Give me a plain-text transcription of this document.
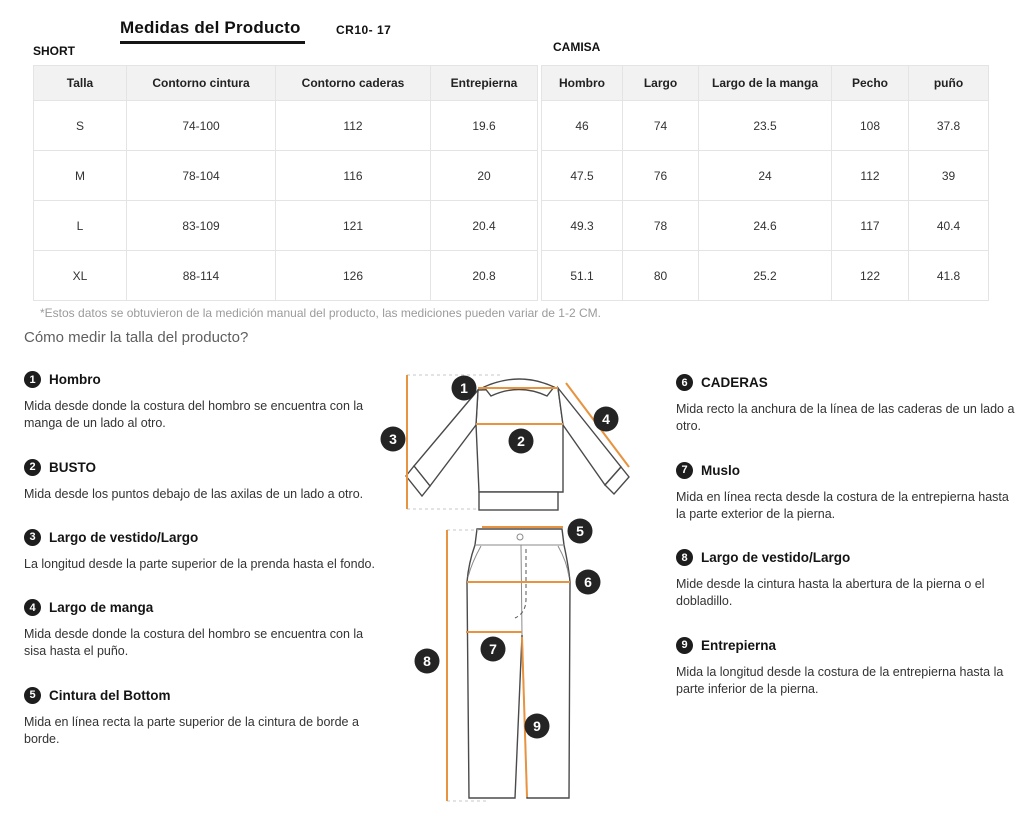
Medidas del Producto	CR10- 17
SHORT	CAMISA
Talla	Contorno cintura	Contorno caderas	Entrepierna
S	74-100	112	19.6
M	78-104	116	20
L	83-109	121	20.4
XL	88-114	126	20.8
Hombro	Largo	Largo de la manga	Pecho	puño
46	74	23.5	108	37.8
47.5	76	24	112	39
49.3	78	24.6	117	40.4
51.1	80	25.2	122	41.8
*Estos datos se obtuvieron de la medición manual del producto, las mediciones pueden variar de 1-2 CM.
Cómo medir la talla del producto?
1 Hombro
Mida desde donde la costura del hombro se encuentra con la manga de un lado al otro.
2 BUSTO
Mida desde los puntos debajo de las axilas de un lado a otro.
3 Largo de vestido/Largo
La longitud desde la parte superior de la prenda hasta el fondo.
4 Largo de manga
Mida desde donde la costura del hombro se encuentra con la sisa hasta el puño.
5 Cintura del Bottom
Mida en línea recta la parte superior de la cintura de borde a borde.
6 CADERAS
Mida recto la anchura de la línea de las caderas de un lado a otro.
7 Muslo
Mida en línea recta desde la costura de la entrepierna hasta la parte exterior de la pierna.
8 Largo de vestido/Largo
Mide desde la cintura hasta la abertura de la pierna o el dobladillo.
9 Entrepierna
Mida la longitud desde la costura de la entrepierna hasta la parte inferior de la pierna.
1
2
3
4
5
6
7
8
9
